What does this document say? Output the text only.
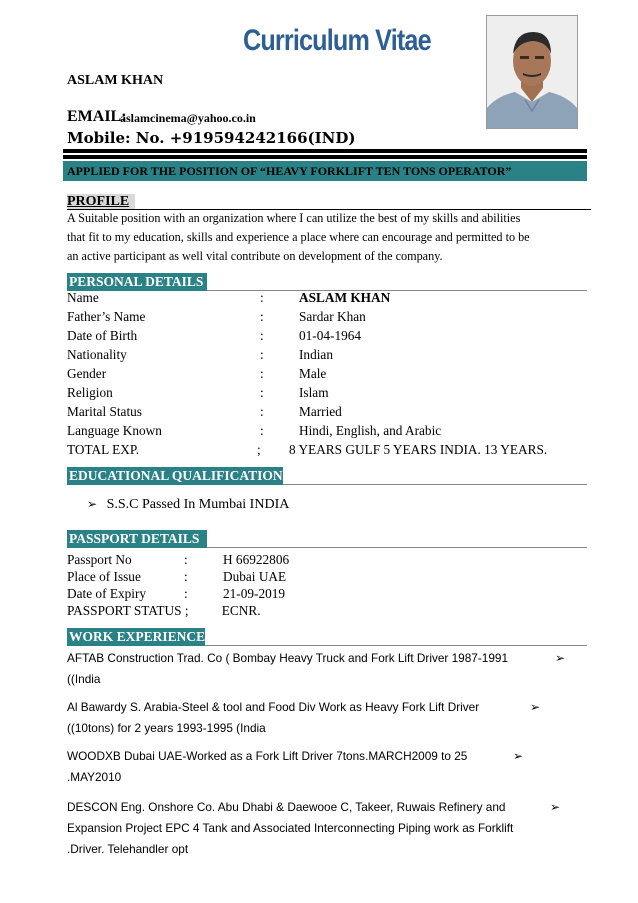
Curriculum Vitae
ASLAM KHAN
EMAIL:
aslamcinema@yahoo.co.in
Mobile: No. +919594242166(IND)
APPLIED FOR THE POSITION OF “HEAVY FORKLIFT TEN TONS OPERATOR”
PROFILE
A Suitable position with an organization where I can utilize the best of my skills and abilities
that fit to my education, skills and experience a place where can encourage and permitted to be
an active participant as well vital contribute on development of the company.
PERSONAL DETAILS
Name	:	ASLAM KHAN
Father’s Name	:	Sardar Khan
Date of Birth	:	01-04-1964
Nationality	:	Indian
Gender	:	Male
Religion	:	Islam
Marital Status	:	Married
Language Known	:	Hindi, English, and Arabic
TOTAL EXP.	; 8 YEARS GULF 5 YEARS INDIA. 13 YEARS.
EDUCATIONAL QUALIFICATION
➢ S.S.C Passed In Mumbai INDIA
PASSPORT DETAILS
Passport No	:	H 66922806
Place of Issue	:	Dubai UAE
Date of Expiry	:	21-09-2019
PASSPORT STATUS ;          ECNR.
WORK EXPERIENCE
AFTAB Construction Trad. Co ( Bombay Heavy Truck and Fork Lift Driver 1987-1991	➢
((India
Al Bawardy S. Arabia-Steel & tool and Food Div Work as Heavy Fork Lift Driver	➢
((10tons) for 2 years 1993-1995 (India
WOODXB Dubai UAE-Worked as a Fork Lift Driver 7tons.MARCH2009 to 25	➢
.MAY2010
DESCON Eng. Onshore Co. Abu Dhabi & Daewooe C, Takeer, Ruwais Refinery and	➢
Expansion Project EPC 4 Tank and Associated Interconnecting Piping work as Forklift
.Driver. Telehandler opt
